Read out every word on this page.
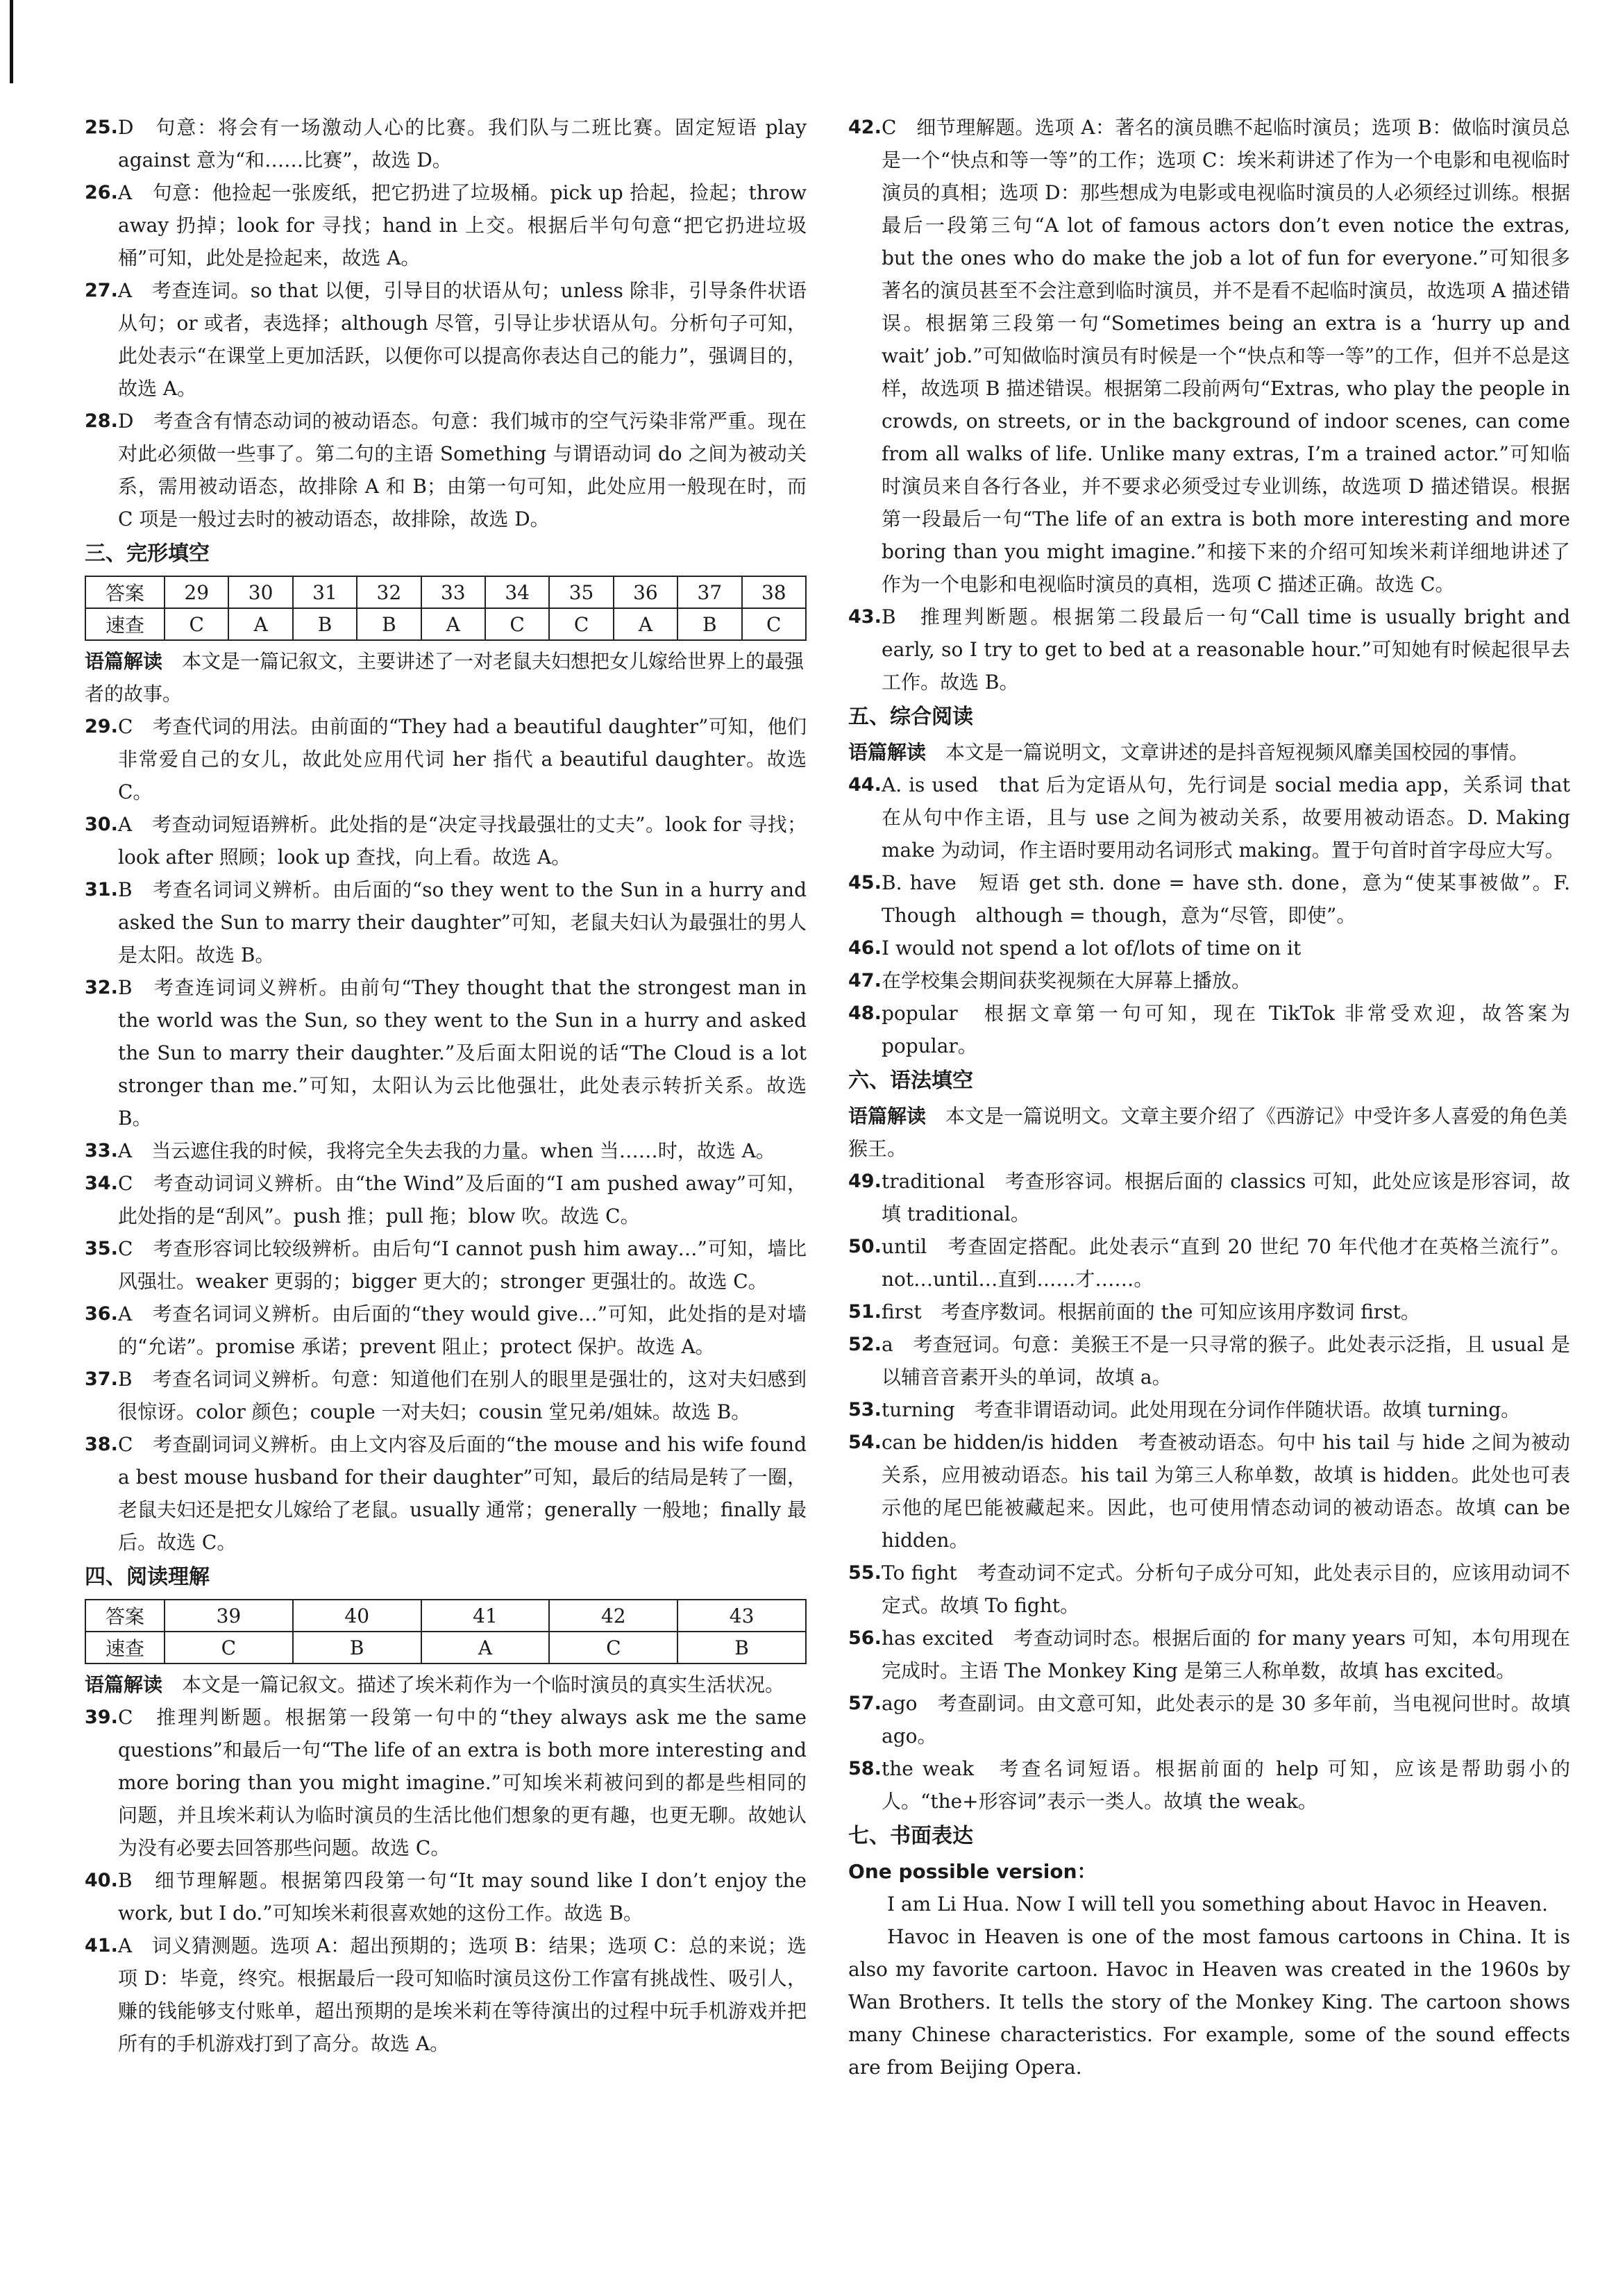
25. D　句意：将会有一场激动人心的比赛。我们队与二班比赛。固定短语 play against 意为“和……比赛”，故选 D。
26. A　句意：他捡起一张废纸，把它扔进了垃圾桶。pick up 拾起，捡起；throw away 扔掉；look for 寻找；hand in 上交。根据后半句句意“把它扔进垃圾桶”可知，此处是捡起来，故选 A。
27. A　考查连词。so that 以便，引导目的状语从句；unless 除非，引导条件状语从句；or 或者，表选择；although 尽管，引导让步状语从句。分析句子可知，此处表示“在课堂上更加活跃，以便你可以提高你表达自己的能力”，强调目的，故选 A。
28. D　考查含有情态动词的被动语态。句意：我们城市的空气污染非常严重。现在对此必须做一些事了。第二句的主语 Something 与谓语动词 do 之间为被动关系，需用被动语态，故排除 A 和 B；由第一句可知，此处应用一般现在时，而 C 项是一般过去时的被动语态，故排除，故选 D。
三、完形填空
答案	29	30	31	32	33	34	35	36	37	38
速查	C	A	B	B	A	C	C	A	B	C
语篇解读　 本文是一篇记叙文，主要讲述了一对老鼠夫妇想把女儿嫁给世界上的最强者的故事。
29. C　考查代词的用法。由前面的“They had a beautiful daughter”可知，他们非常爱自己的女儿，故此处应用代词 her 指代 a beautiful daughter。故选 C。
30. A　考查动词短语辨析。此处指的是“决定寻找最强壮的丈夫”。look for 寻找；look after 照顾；look up 查找，向上看。故选 A。
31. B　考查名词词义辨析。由后面的“so they went to the Sun in a hurry and asked the Sun to marry their daughter”可知，老鼠夫妇认为最强壮的男人是太阳。故选 B。
32. B　考查连词词义辨析。由前句“They thought that the strongest man in the world was the Sun, so they went to the Sun in a hurry and asked the Sun to marry their daughter.”及后面太阳说的话“The Cloud is a lot stronger than me.”可知，太阳认为云比他强壮，此处表示转折关系。故选 B。
33. A　当云遮住我的时候，我将完全失去我的力量。when 当……时，故选 A。
34. C　考查动词词义辨析。由“the Wind”及后面的“I am pushed away”可知，此处指的是“刮风”。push 推；pull 拖；blow 吹。故选 C。
35. C　考查形容词比较级辨析。由后句“I cannot push him away…”可知，墙比风强壮。weaker 更弱的；bigger 更大的；stronger 更强壮的。故选 C。
36. A　考查名词词义辨析。由后面的“they would give…”可知，此处指的是对墙的“允诺”。promise 承诺；prevent 阻止；protect 保护。故选 A。
37. B　考查名词词义辨析。句意：知道他们在别人的眼里是强壮的，这对夫妇感到很惊讶。color 颜色；couple 一对夫妇；cousin 堂兄弟/姐妹。故选 B。
38. C　考查副词词义辨析。由上文内容及后面的“the mouse and his wife found a best mouse husband for their daughter”可知，最后的结局是转了一圈，老鼠夫妇还是把女儿嫁给了老鼠。usually 通常；generally 一般地；finally 最后。故选 C。
四、阅读理解
答案	39	40	41	42	43
速查	C	B	A	C	B
语篇解读　 本文是一篇记叙文。描述了埃米莉作为一个临时演员的真实生活状况。
39. C　推理判断题。根据第一段第一句中的“they always ask me the same questions”和最后一句“The life of an extra is both more interesting and more boring than you might imagine.”可知埃米莉被问到的都是些相同的问题，并且埃米莉认为临时演员的生活比他们想象的更有趣，也更无聊。故她认为没有必要去回答那些问题。故选 C。
40. B　细节理解题。根据第四段第一句“It may sound like I don’t enjoy the work, but I do.”可知埃米莉很喜欢她的这份工作。故选 B。
41. A　词义猜测题。选项 A：超出预期的；选项 B：结果；选项 C：总的来说；选项 D：毕竟，终究。根据最后一段可知临时演员这份工作富有挑战性、吸引人，赚的钱能够支付账单，超出预期的是埃米莉在等待演出的过程中玩手机游戏并把所有的手机游戏打到了高分。故选 A。
42. C　细节理解题。选项 A：著名的演员瞧不起临时演员；选项 B：做临时演员总是一个“快点和等一等”的工作；选项 C：埃米莉讲述了作为一个电影和电视临时演员的真相；选项 D：那些想成为电影或电视临时演员的人必须经过训练。根据最后一段第三句“A lot of famous actors don’t even notice the extras, but the ones who do make the job a lot of fun for everyone.”可知很多著名的演员甚至不会注意到临时演员，并不是看不起临时演员，故选项 A 描述错误。根据第三段第一句“Sometimes being an extra is a ‘hurry up and wait’ job.”可知做临时演员有时候是一个“快点和等一等”的工作，但并不总是这样，故选项 B 描述错误。根据第二段前两句“Extras, who play the people in crowds, on streets, or in the background of indoor scenes, can come from all walks of life. Unlike many extras, I’m a trained actor.”可知临时演员来自各行各业，并不要求必须受过专业训练，故选项 D 描述错误。根据第一段最后一句“The life of an extra is both more interesting and more boring than you might imagine.”和接下来的介绍可知埃米莉详细地讲述了作为一个电影和电视临时演员的真相，选项 C 描述正确。故选 C。
43. B　推理判断题。根据第二段最后一句“Call time is usually bright and early, so I try to get to bed at a reasonable hour.”可知她有时候起很早去工作。故选 B。
五、综合阅读
语篇解读　 本文是一篇说明文，文章讲述的是抖音短视频风靡美国校园的事情。
44. A. is used　that 后为定语从句，先行词是 social media app，关系词 that 在从句中作主语，且与 use 之间为被动关系，故要用被动语态。D. Making　make 为动词，作主语时要用动名词形式 making。置于句首时首字母应大写。
45. B. have　短语 get sth. done = have sth. done，意为“使某事被做”。F. Though　although = though，意为“尽管，即使”。
46. I would not spend a lot of/lots of time on it
47. 在学校集会期间获奖视频在大屏幕上播放。
48. popular　根据文章第一句可知，现在 TikTok 非常受欢迎，故答案为 popular。
六、语法填空
语篇解读　 本文是一篇说明文。文章主要介绍了《西游记》中受许多人喜爱的角色美猴王。
49. traditional　考查形容词。根据后面的 classics 可知，此处应该是形容词，故填 traditional。
50. until　考查固定搭配。此处表示“直到 20 世纪 70 年代他才在英格兰流行”。not…until…直到……才……。
51. first　考查序数词。根据前面的 the 可知应该用序数词 first。
52. a　考查冠词。句意：美猴王不是一只寻常的猴子。此处表示泛指，且 usual 是以辅音音素开头的单词，故填 a。
53. turning　考查非谓语动词。此处用现在分词作伴随状语。故填 turning。
54. can be hidden/is hidden　考查被动语态。句中 his tail 与 hide 之间为被动关系，应用被动语态。his tail 为第三人称单数，故填 is hidden。此处也可表示他的尾巴能被藏起来。因此，也可使用情态动词的被动语态。故填 can be hidden。
55. To fight　考查动词不定式。分析句子成分可知，此处表示目的，应该用动词不定式。故填 To fight。
56. has excited　考查动词时态。根据后面的 for many years 可知，本句用现在完成时。主语 The Monkey King 是第三人称单数，故填 has excited。
57. ago　考查副词。由文意可知，此处表示的是 30 多年前，当电视问世时。故填 ago。
58. the weak　考查名词短语。根据前面的 help 可知，应该是帮助弱小的人。“the+形容词”表示一类人。故填 the weak。
七、书面表达
One possible version：

I am Li Hua. Now I will tell you something about Havoc in Heaven.

Havoc in Heaven is one of the most famous cartoons in China. It is also my favorite cartoon. Havoc in Heaven was created in the 1960s by Wan Brothers. It tells the story of the Monkey King. The cartoon shows many Chinese characteristics. For example, some of the sound effects are from Beijing Opera.
